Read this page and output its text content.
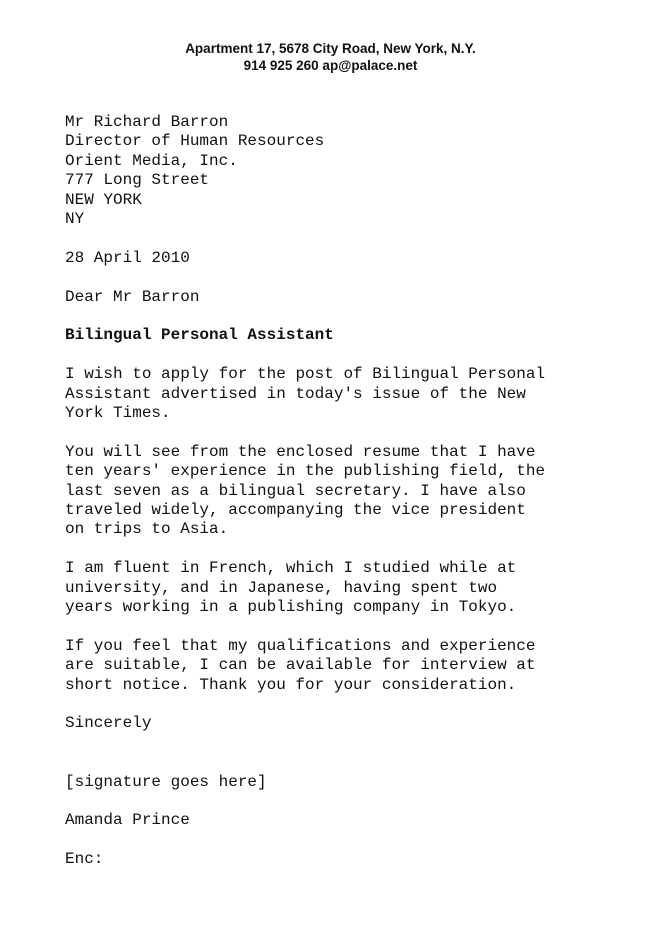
Apartment 17, 5678 City Road, New York, N.Y.
914 925 260 ap@palace.net
Mr Richard Barron
Director of Human Resources
Orient Media, Inc.
777 Long Street
NEW YORK
NY
28 April 2010
Dear Mr Barron
Bilingual Personal Assistant
I wish to apply for the post of Bilingual Personal
Assistant advertised in today's issue of the New
York Times.
You will see from the enclosed resume that I have
ten years' experience in the publishing field, the
last seven as a bilingual secretary. I have also
traveled widely, accompanying the vice president
on trips to Asia.
I am fluent in French, which I studied while at
university, and in Japanese, having spent two
years working in a publishing company in Tokyo.
If you feel that my qualifications and experience
are suitable, I can be available for interview at
short notice. Thank you for your consideration.
Sincerely
[signature goes here]
Amanda Prince
Enc:
